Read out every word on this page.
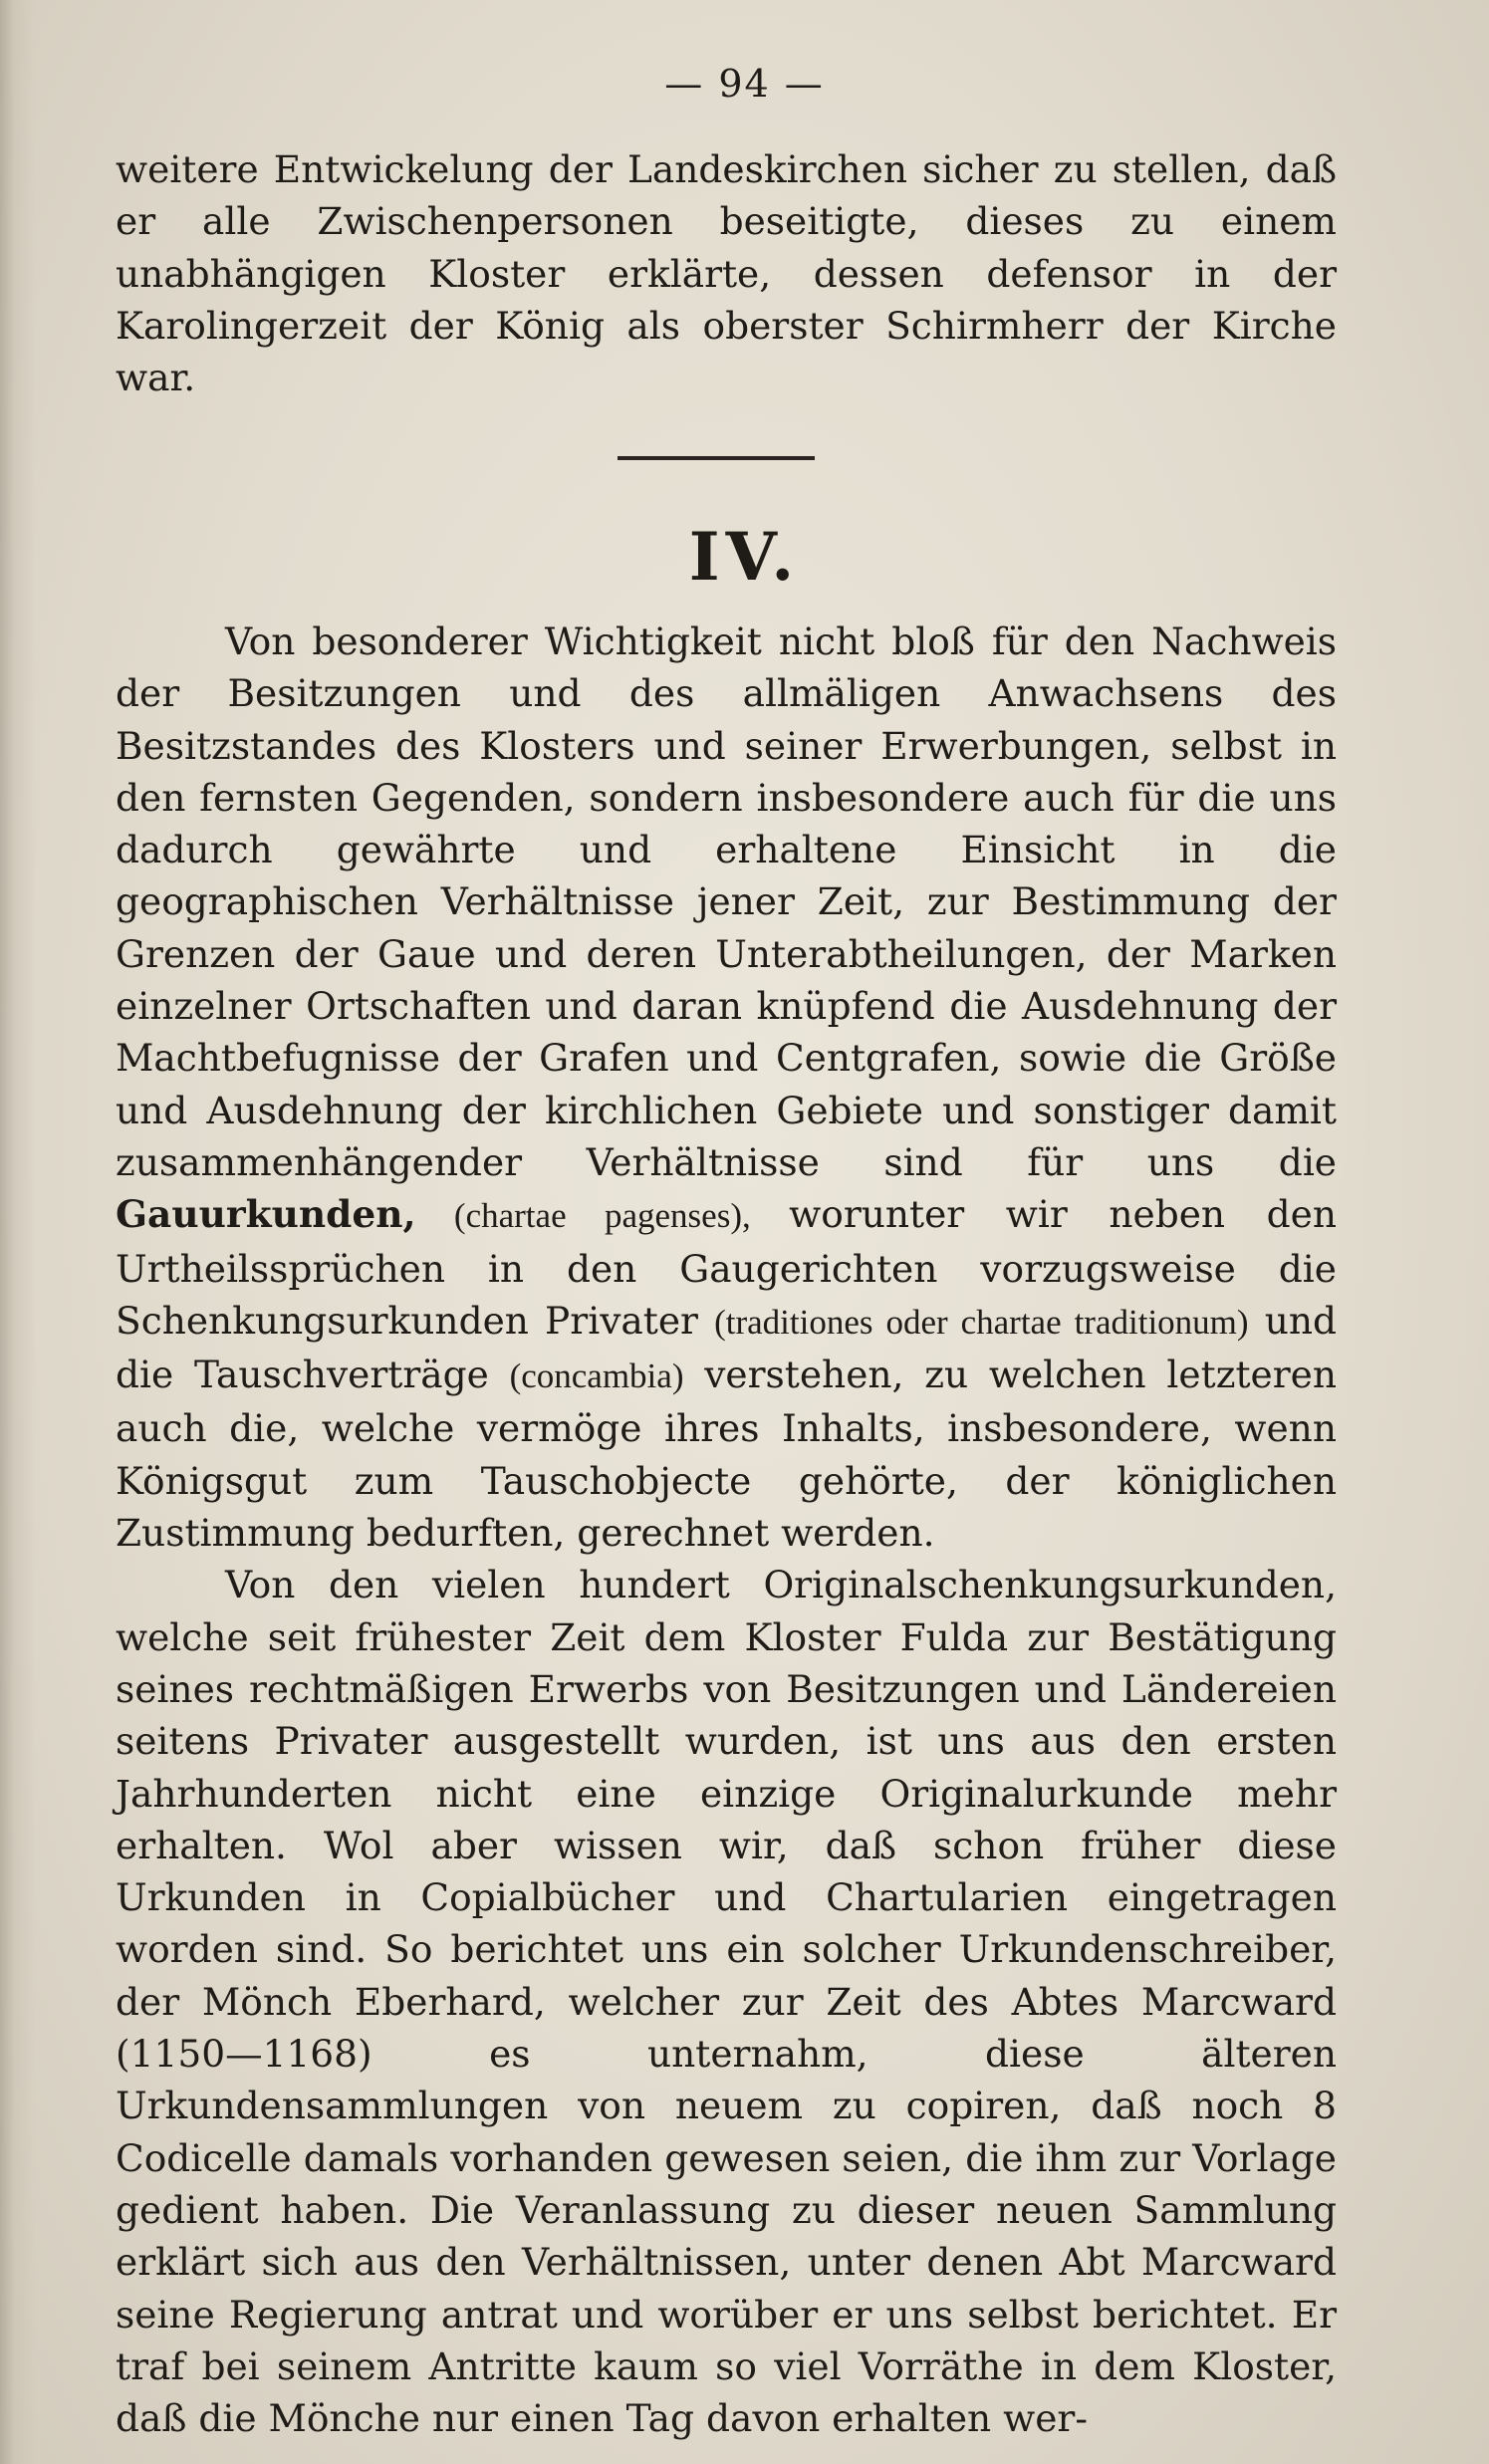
— 94 —

weitere Entwickelung der Landeskirchen sicher zu stellen, daß er alle Zwischenpersonen beseitigte, dieses zu einem unabhängigen Kloster erklärte, dessen defensor in der Karolingerzeit der König als oberster Schirmherr der Kirche war.

IV.

Von besonderer Wichtigkeit nicht bloß für den Nachweis der Besitzungen und des allmäligen Anwachsens des Besitzstandes des Klosters und seiner Erwerbungen, selbst in den fernsten Gegenden, sondern insbesondere auch für die uns dadurch gewährte und erhaltene Einsicht in die geographischen Verhältnisse jener Zeit, zur Bestimmung der Grenzen der Gaue und deren Unterabtheilungen, der Marken einzelner Ortschaften und daran knüpfend die Ausdehnung der Machtbefugnisse der Grafen und Centgrafen, sowie die Größe und Ausdehnung der kirchlichen Gebiete und sonstiger damit zusammenhängender Verhältnisse sind für uns die Gauurkunden, (chartae pagenses), worunter wir neben den Urtheilssprüchen in den Gaugerichten vorzugsweise die Schenkungsurkunden Privater (traditiones oder chartae traditionum) und die Tauschverträge (concambia) verstehen, zu welchen letzteren auch die, welche vermöge ihres Inhalts, insbesondere, wenn Königsgut zum Tauschobjecte gehörte, der königlichen Zustimmung bedurften, gerechnet werden.

Von den vielen hundert Originalschenkungsurkunden, welche seit frühester Zeit dem Kloster Fulda zur Bestätigung seines rechtmäßigen Erwerbs von Besitzungen und Ländereien seitens Privater ausgestellt wurden, ist uns aus den ersten Jahrhunderten nicht eine einzige Originalurkunde mehr erhalten. Wol aber wissen wir, daß schon früher diese Urkunden in Copialbücher und Chartularien eingetragen worden sind. So berichtet uns ein solcher Urkundenschreiber, der Mönch Eberhard, welcher zur Zeit des Abtes Marcward (1150—1168) es unternahm, diese älteren Urkundensammlungen von neuem zu copiren, daß noch 8 Codicelle damals vorhanden gewesen seien, die ihm zur Vorlage gedient haben. Die Veranlassung zu dieser neuen Sammlung erklärt sich aus den Verhältnissen, unter denen Abt Marcward seine Regierung antrat und worüber er uns selbst berichtet. Er traf bei seinem Antritte kaum so viel Vorräthe in dem Kloster, daß die Mönche nur einen Tag davon erhalten wer-
